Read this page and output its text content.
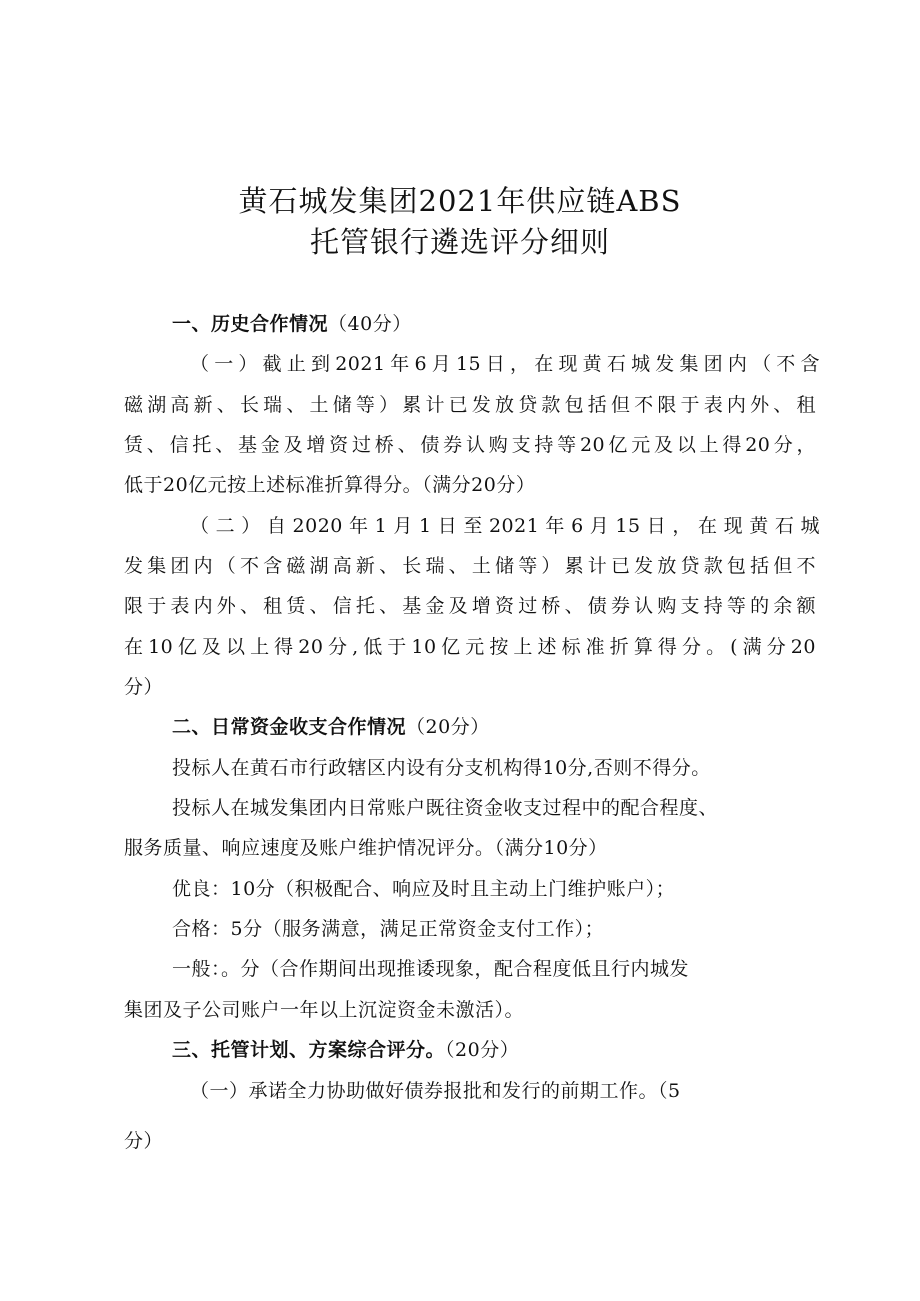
黄石城发集团2021年供应链ABS
托管银行遴选评分细则
一、历史合作情况（40分）
（一）截止到2021年6月15日，在现黄石城发集团内（不含
磁湖高新、长瑞、土储等）累计已发放贷款包括但不限于表内外、租
赁、信托、基金及增资过桥、债券认购支持等20亿元及以上得20分，
低于20亿元按上述标准折算得分。（满分20分）
（二）自2020年1月1日至2021年6月15日，在现黄石城
发集团内（不含磁湖高新、长瑞、土储等）累计已发放贷款包括但不
限于表内外、租赁、信托、基金及增资过桥、债券认购支持等的余额
在10亿及以上得20分,低于10亿元按上述标准折算得分。(满分20
分）
二、日常资金收支合作情况（20分）
投标人在黄石市行政辖区内设有分支机构得10分,否则不得分。
投标人在城发集团内日常账户既往资金收支过程中的配合程度、
服务质量、响应速度及账户维护情况评分。（满分10分）
优良：10分（积极配合、响应及时且主动上门维护账户）；
合格：5分（服务满意，满足正常资金支付工作）；
一般：。分（合作期间出现推诿现象，配合程度低且行内城发
集团及子公司账户一年以上沉淀资金未激活）。
三、托管计划、方案综合评分。（20分）
（一）承诺全力协助做好债券报批和发行的前期工作。（5
分）
